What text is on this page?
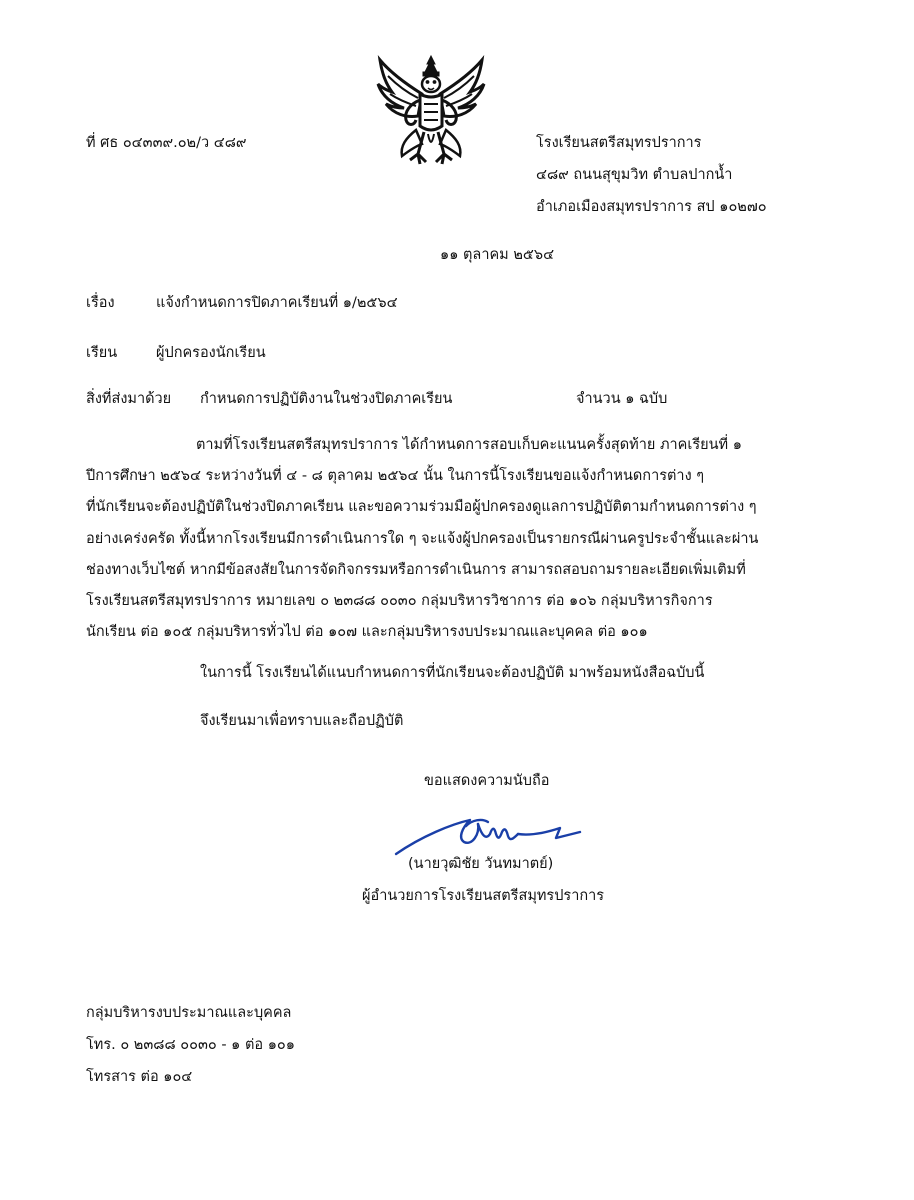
ที่ ศธ ๐๔๓๓๙.๐๒/ว ๔๘๙	โรงเรียนสตรีสมุทรปราการ
๔๘๙ ถนนสุขุมวิท ตำบลปากน้ำ
อำเภอเมืองสมุทรปราการ สป ๑๐๒๗๐
๑๑ ตุลาคม ๒๕๖๔
เรื่อง	แจ้งกำหนดการปิดภาคเรียนที่ ๑/๒๕๖๔
เรียน	ผู้ปกครองนักเรียน
สิ่งที่ส่งมาด้วย กำหนดการปฏิบัติงานในช่วงปิดภาคเรียน	จำนวน ๑ ฉบับ
ตามที่โรงเรียนสตรีสมุทรปราการ ได้กำหนดการสอบเก็บคะแนนครั้งสุดท้าย ภาคเรียนที่ ๑
ปีการศึกษา ๒๕๖๔ ระหว่างวันที่ ๔ - ๘ ตุลาคม ๒๕๖๔ นั้น ในการนี้โรงเรียนขอแจ้งกำหนดการต่าง ๆ
ที่นักเรียนจะต้องปฏิบัติในช่วงปิดภาคเรียน และขอความร่วมมือผู้ปกครองดูแลการปฏิบัติตามกำหนดการต่าง ๆ
อย่างเคร่งครัด ทั้งนี้หากโรงเรียนมีการดำเนินการใด ๆ จะแจ้งผู้ปกครองเป็นรายกรณีผ่านครูประจำชั้นและผ่าน
ช่องทางเว็บไซต์ หากมีข้อสงสัยในการจัดกิจกรรมหรือการดำเนินการ สามารถสอบถามรายละเอียดเพิ่มเติมที่
โรงเรียนสตรีสมุทรปราการ หมายเลข ๐ ๒๓๘๘ ๐๐๓๐ กลุ่มบริหารวิชาการ ต่อ ๑๐๖ กลุ่มบริหารกิจการ
นักเรียน ต่อ ๑๐๕ กลุ่มบริหารทั่วไป ต่อ ๑๐๗ และกลุ่มบริหารงบประมาณและบุคคล ต่อ ๑๐๑
ในการนี้ โรงเรียนได้แนบกำหนดการที่นักเรียนจะต้องปฏิบัติ มาพร้อมหนังสือฉบับนี้
จึงเรียนมาเพื่อทราบและถือปฏิบัติ
ขอแสดงความนับถือ
(นายวุฒิชัย วันทมาตย์)
ผู้อำนวยการโรงเรียนสตรีสมุทรปราการ
กลุ่มบริหารงบประมาณและบุคคล
โทร. ๐ ๒๓๘๘ ๐๐๓๐ - ๑ ต่อ ๑๐๑
โทรสาร ต่อ ๑๐๔
